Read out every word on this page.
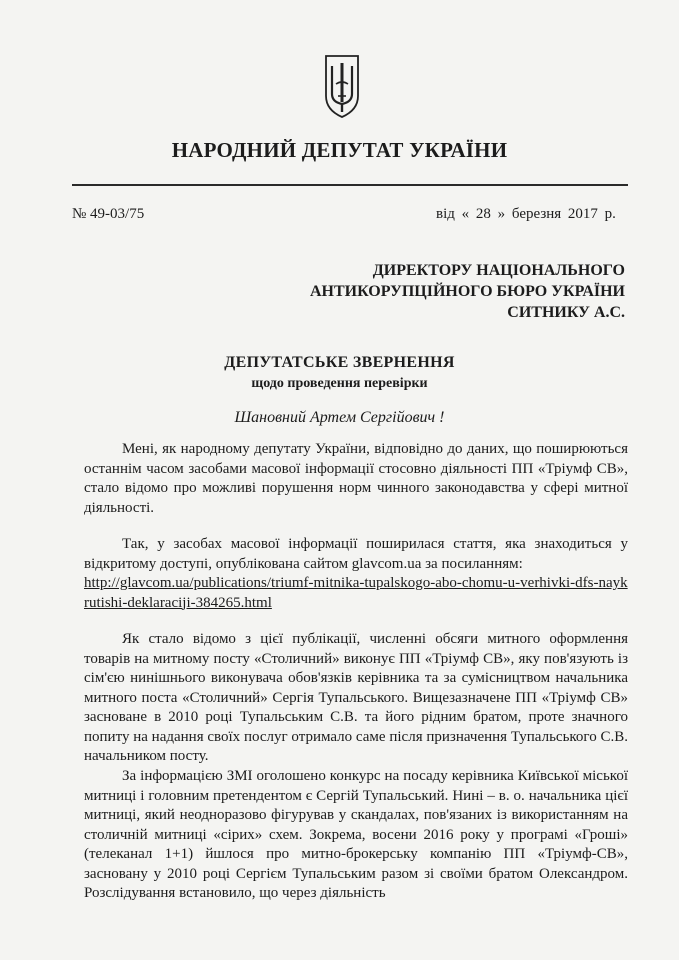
НАРОДНИЙ ДЕПУТАТ УКРАЇНИ
№ 49-03/75	від « 28 » березня 2017 р.
ДИРЕКТОРУ НАЦІОНАЛЬНОГО
АНТИКОРУПЦІЙНОГО БЮРО УКРАЇНИ
СИТНИКУ А.С.
ДЕПУТАТСЬКЕ ЗВЕРНЕННЯ
щодо проведення перевірки
Шановний Артем Сергійович !

Мені, як народному депутату України, відповідно до даних, що поширюються останнім часом засобами масової інформації стосовно діяльності ПП «Тріумф СВ», стало відомо про можливі порушення норм чинного законодавства у сфері митної діяльності.

Так, у засобах масової інформації поширилася стаття, яка знаходиться у відкритому доступі, опублікована сайтом glavcom.ua за посиланням:
http://glavcom.ua/publications/triumf-mitnika-tupalskogo-abo-chomu-u-verhivki-dfs-naykrutishi-deklaraciji-384265.html

Як стало відомо з цієї публікації, численні обсяги митного оформлення товарів на митному посту «Столичний» виконує ПП «Тріумф СВ», яку пов'язують із сім'єю нинішнього виконувача обов'язків керівника та за сумісництвом начальника митного поста «Столичний» Сергія Тупальського. Вищезазначене ПП «Тріумф СВ» засноване в 2010 році Тупальським С.В. та його рідним братом, проте значного попиту на надання своїх послуг отримало саме після призначення Тупальського С.В. начальником посту.

За інформацією ЗМІ оголошено конкурс на посаду керівника Київської міської митниці і головним претендентом є Сергій Тупальський. Нині – в. о. начальника цієї митниці, який неодноразово фігурував у скандалах, пов'язаних із використанням на столичній митниці «сірих» схем. Зокрема, восени 2016 року у програмі «Гроші» (телеканал 1+1) йшлося про митно-брокерську компанію ПП «Тріумф-СВ», засновану у 2010 році Сергієм Тупальським разом зі своїми братом Олександром. Розслідування встановило, що через діяльність
